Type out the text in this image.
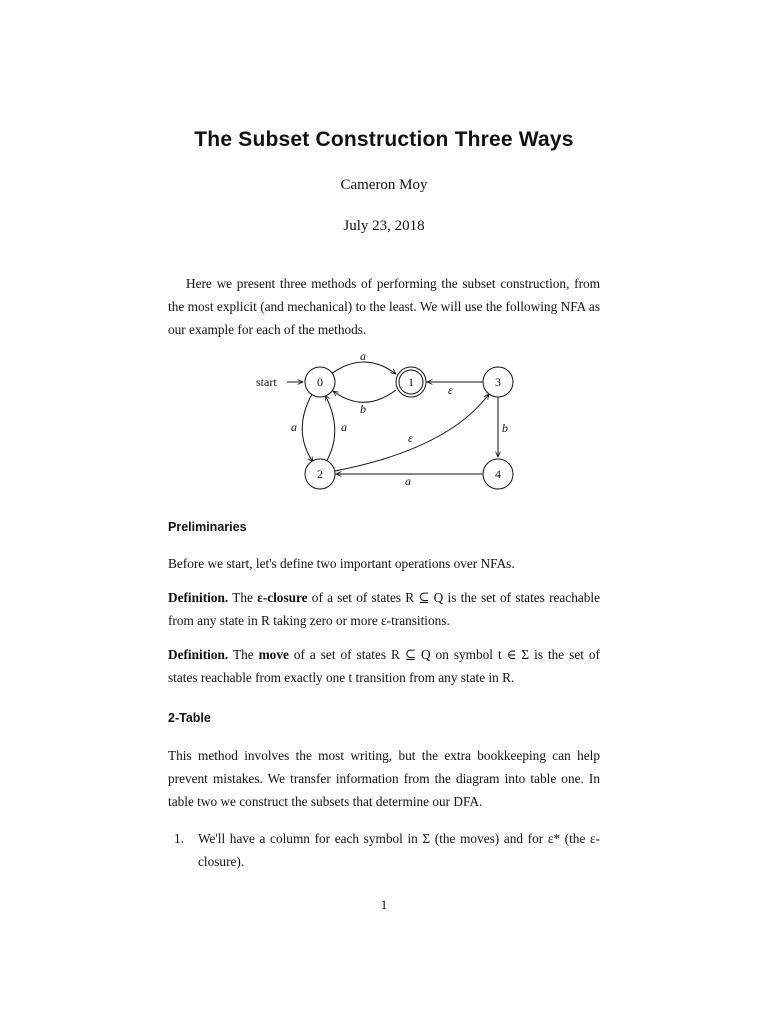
The Subset Construction Three Ways
Cameron Moy
July 23, 2018
Here we present three methods of performing the subset construction, from the most explicit (and mechanical) to the least. We will use the following NFA as our example for each of the methods.
start
a
b
ε
b
a	a
ε
a
0	1	3
2	4
Preliminaries
Before we start, let's define two important operations over NFAs.
Definition. The ε-closure of a set of states R ⊆ Q is the set of states reachable from any state in R taking zero or more ε-transitions.
Definition. The move of a set of states R ⊆ Q on symbol t ∈ Σ is the set of states reachable from exactly one t transition from any state in R.
2-Table
This method involves the most writing, but the extra bookkeeping can help prevent mistakes. We transfer information from the diagram into table one. In table two we construct the subsets that determine our DFA.
1. We'll have a column for each symbol in Σ (the moves) and for ε* (the ε-closure).
1
